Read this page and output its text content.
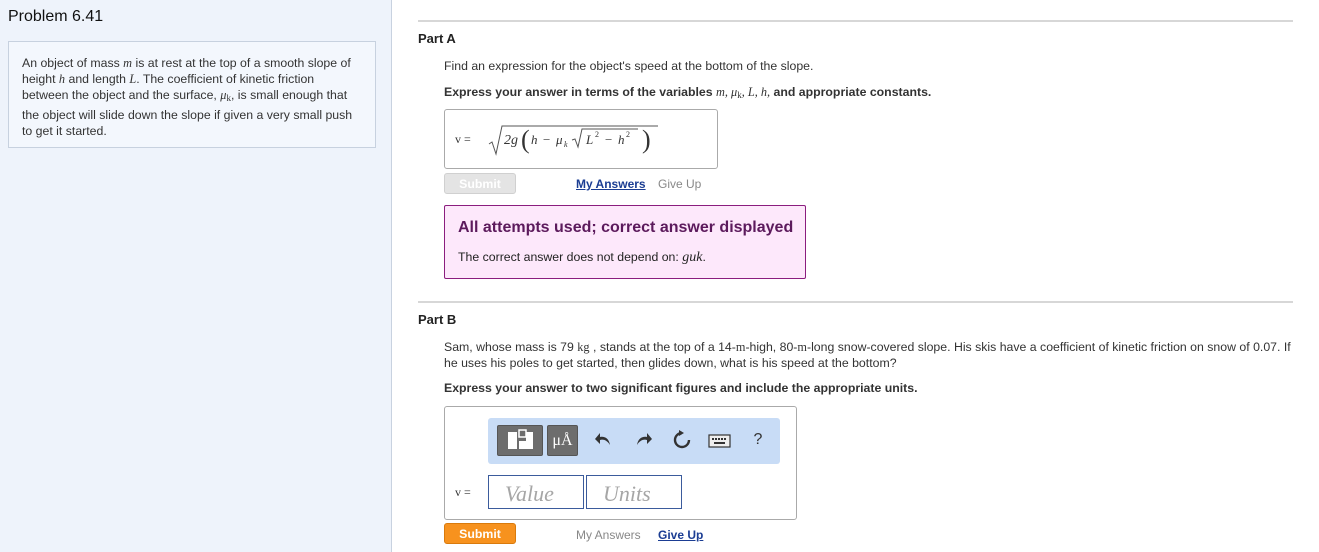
Problem 6.41
An object of mass m is at rest at the top of a smooth slope of height h and length L. The coefficient of kinetic friction between the object and the surface, $\mu_k$, is small enough that the object will slide down the slope if given a very small push to get it started.
Part A
Find an expression for the object's speed at the bottom of the slope.
Express your answer in terms of the variables m, $\mu_k$, L, h, and appropriate constants.
v = 2g ( h − μ k L 2 − h 2 )
Submit	My Answers Give Up
All attempts used; correct answer displayed
The correct answer does not depend on: guk.
Part B
Sam, whose mass is 79 kg , stands at the top of a 14-m-high, 80-m-long snow-covered slope. His skis have a coefficient of kinetic friction on snow of 0.07. If he uses his poles to get started, then glides down, what is his speed at the bottom?
Express your answer to two significant figures and include the appropriate units.
μÅ	?
v =	Value	Units
Submit	My Answers Give Up
